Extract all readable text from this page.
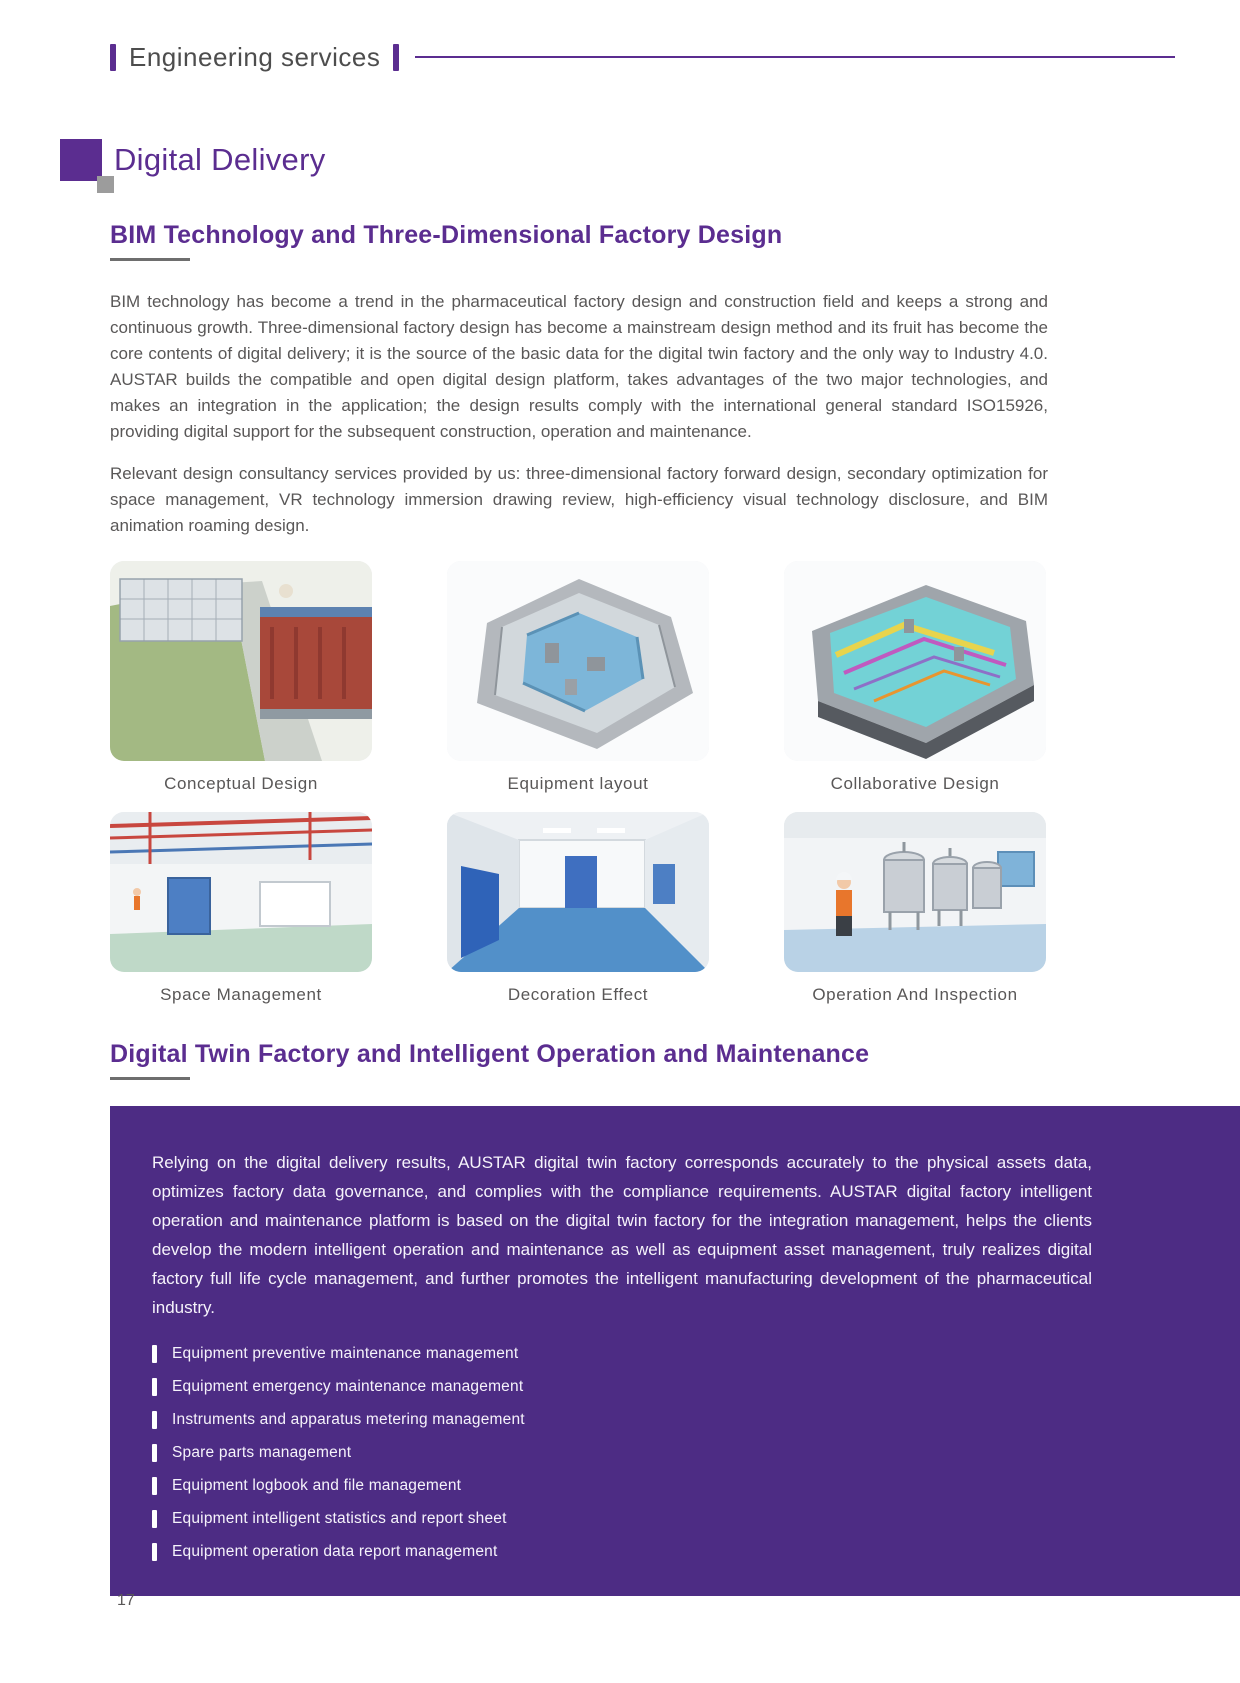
Engineering services
Digital Delivery
BIM Technology and Three-Dimensional Factory Design

BIM technology has become a trend in the pharmaceutical factory design and construction field and keeps a strong and continuous growth. Three-dimensional factory design has become a mainstream design method and its fruit has become the core contents of digital delivery; it is the source of the basic data for the digital twin factory and the only way to Industry 4.0. AUSTAR builds the compatible and open digital design platform, takes advantages of the two major technologies, and makes an integration in the application; the design results comply with the international general standard ISO15926, providing digital support for the subsequent construction, operation and maintenance.

Relevant design consultancy services provided by us: three-dimensional factory forward design, secondary optimization for space management, VR technology immersion drawing review, high-efficiency visual technology disclosure, and BIM animation roaming design.

Conceptual Design	Equipment layout	Collaborative Design
Space Management	Decoration Effect	Operation And Inspection
Digital Twin Factory and Intelligent Operation and Maintenance

Relying on the digital delivery results, AUSTAR digital twin factory corresponds accurately to the physical assets data, optimizes factory data governance, and complies with the compliance requirements. AUSTAR digital factory intelligent operation and maintenance platform is based on the digital twin factory for the integration management, helps the clients develop the modern intelligent operation and maintenance as well as equipment asset management, truly realizes digital factory full life cycle management, and further promotes the intelligent manufacturing development of the pharmaceutical industry.

Equipment preventive maintenance management
Equipment emergency maintenance management
Instruments and apparatus metering management
Spare parts management
Equipment logbook and file management
Equipment intelligent statistics and report sheet
Equipment operation data report management
17
